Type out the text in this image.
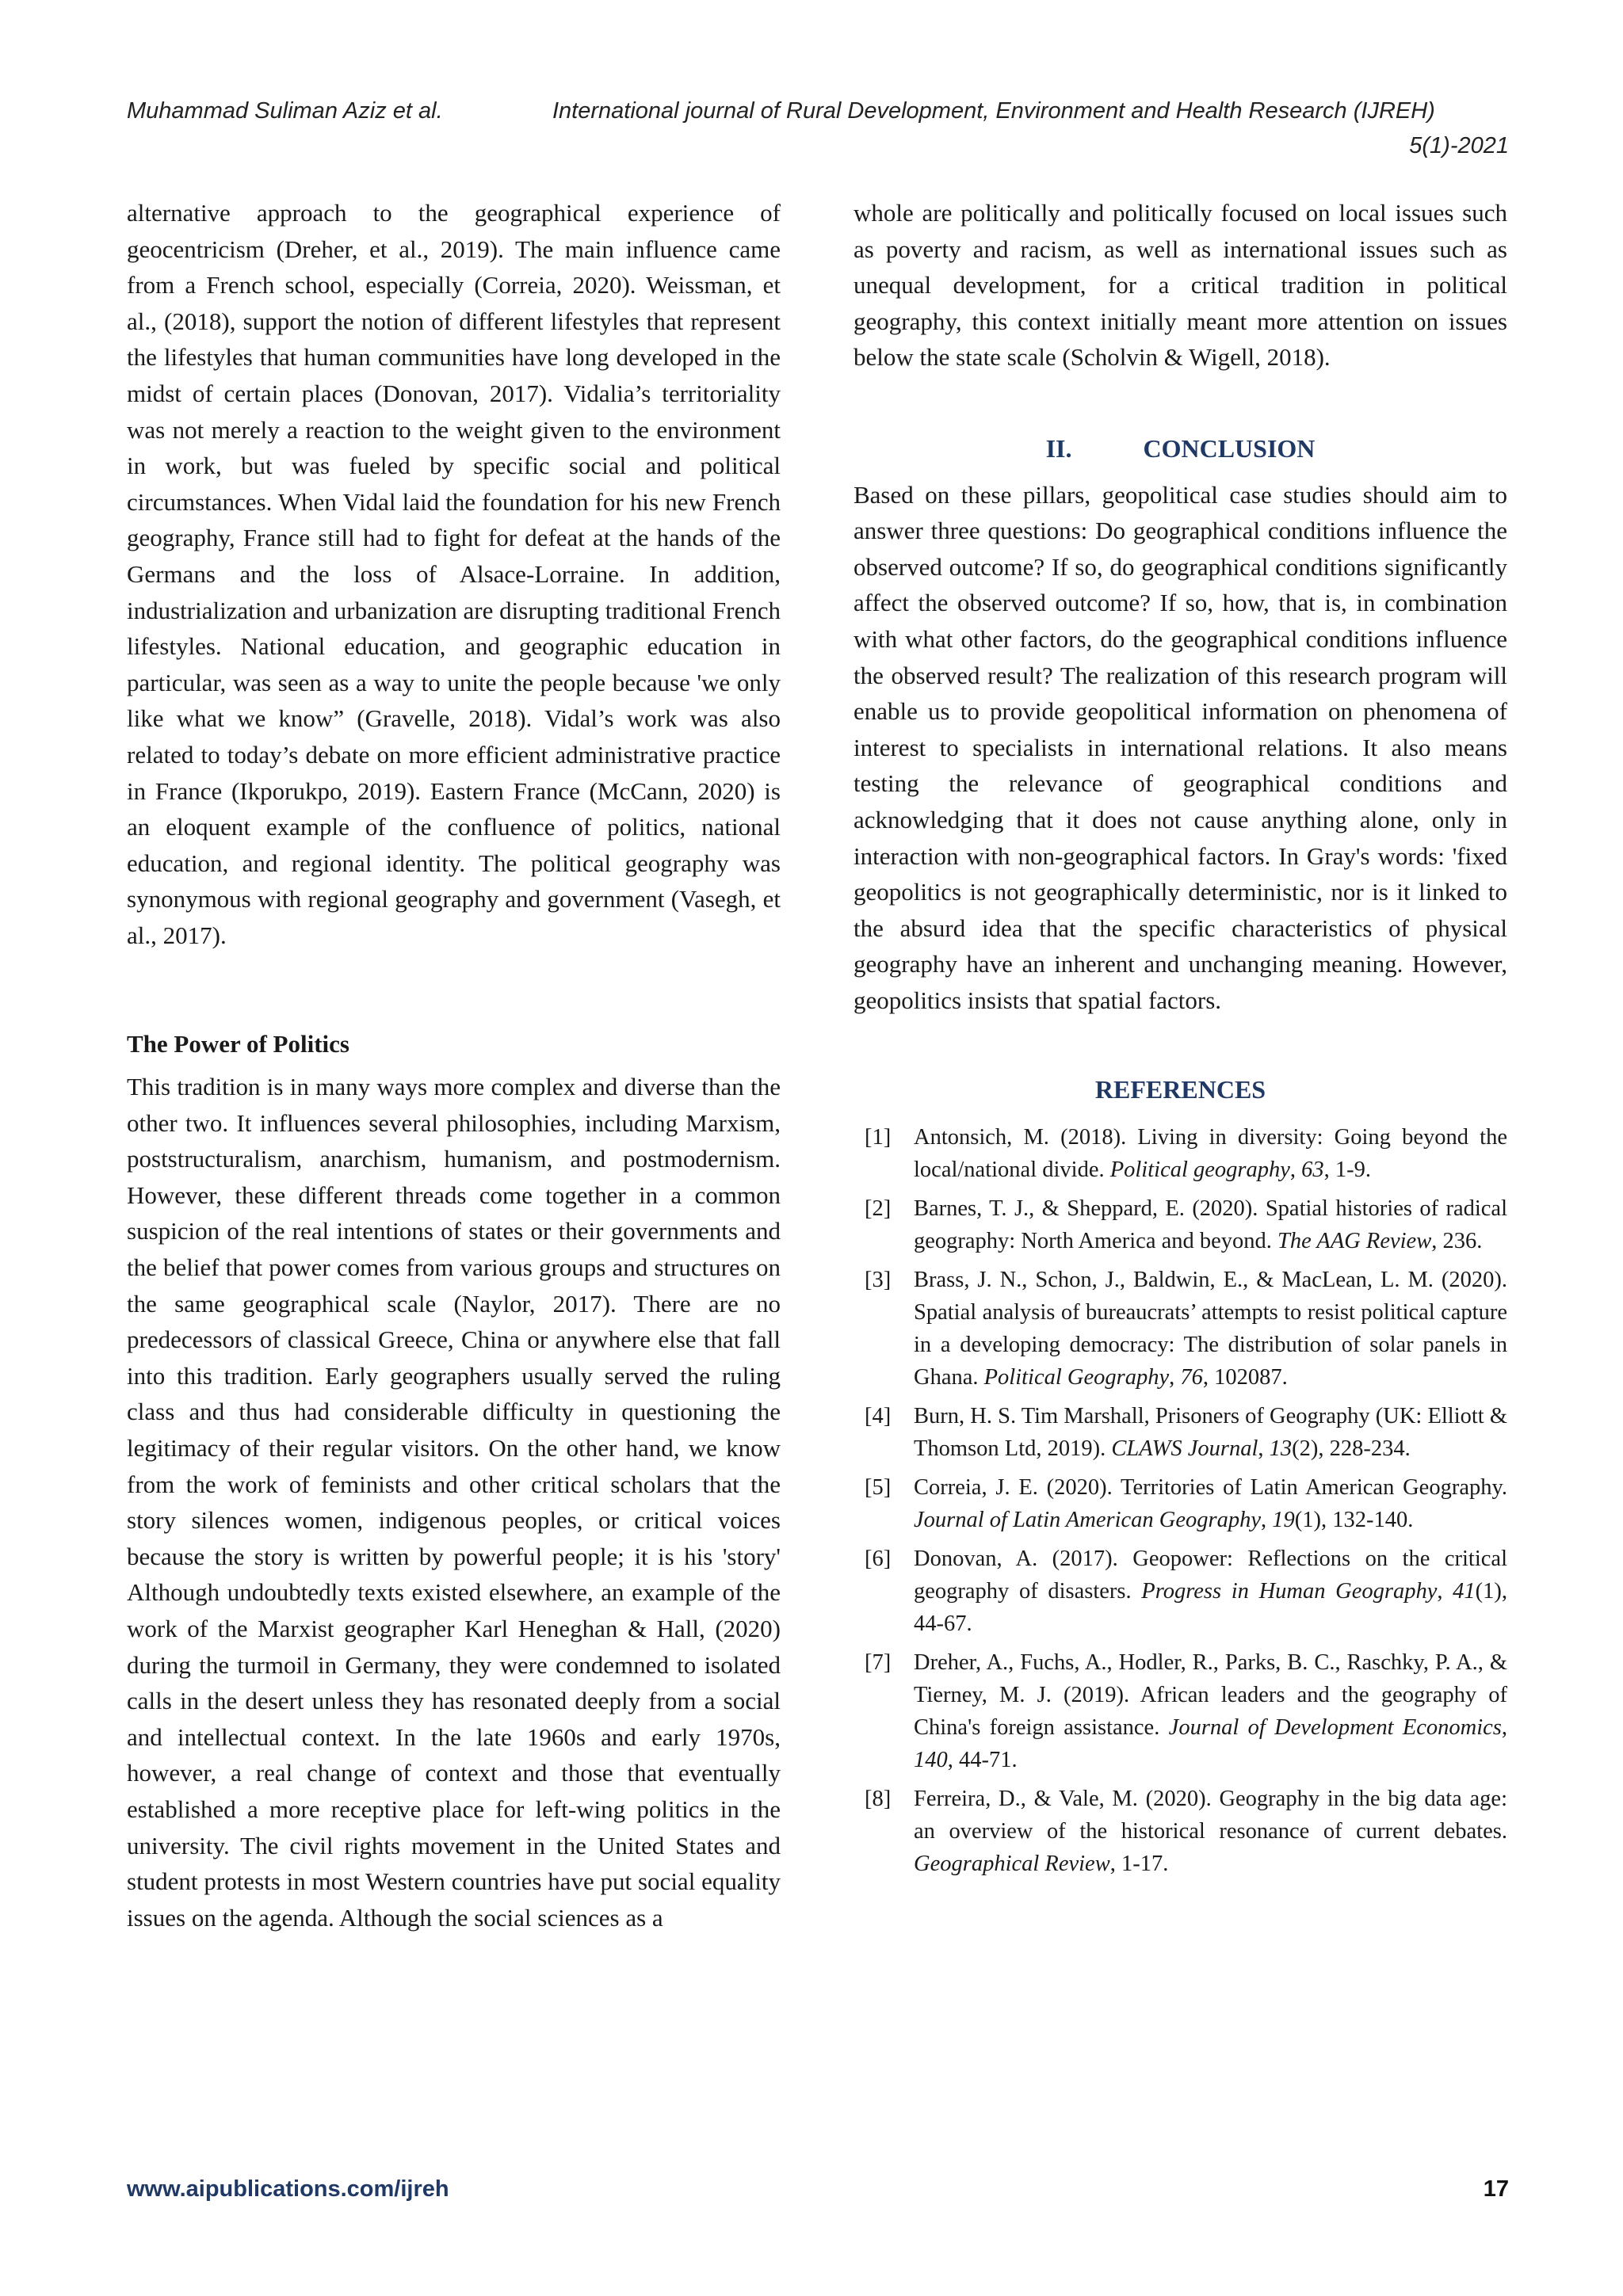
Muhammad Suliman Aziz et al.	International journal of Rural Development, Environment and Health Research (IJREH)
5(1)-2021

alternative approach to the geographical experience of geocentricism (Dreher, et al., 2019). The main influence came from a French school, especially (Correia, 2020). Weissman, et al., (2018), support the notion of different lifestyles that represent the lifestyles that human communities have long developed in the midst of certain places (Donovan, 2017). Vidalia’s territoriality was not merely a reaction to the weight given to the environment in work, but was fueled by specific social and political circumstances. When Vidal laid the foundation for his new French geography, France still had to fight for defeat at the hands of the Germans and the loss of Alsace-Lorraine. In addition, industrialization and urbanization are disrupting traditional French lifestyles. National education, and geographic education in particular, was seen as a way to unite the people because 'we only like what we know” (Gravelle, 2018). Vidal’s work was also related to today’s debate on more efficient administrative practice in France (Ikporukpo, 2019). Eastern France (McCann, 2020) is an eloquent example of the confluence of politics, national education, and regional identity. The political geography was synonymous with regional geography and government (Vasegh, et al., 2017).

The Power of Politics

This tradition is in many ways more complex and diverse than the other two. It influences several philosophies, including Marxism, poststructuralism, anarchism, humanism, and postmodernism. However, these different threads come together in a common suspicion of the real intentions of states or their governments and the belief that power comes from various groups and structures on the same geographical scale (Naylor, 2017). There are no predecessors of classical Greece, China or anywhere else that fall into this tradition. Early geographers usually served the ruling class and thus had considerable difficulty in questioning the legitimacy of their regular visitors. On the other hand, we know from the work of feminists and other critical scholars that the story silences women, indigenous peoples, or critical voices because the story is written by powerful people; it is his 'story' Although undoubtedly texts existed elsewhere, an example of the work of the Marxist geographer Karl Heneghan & Hall, (2020) during the turmoil in Germany, they were condemned to isolated calls in the desert unless they has resonated deeply from a social and intellectual context. In the late 1960s and early 1970s, however, a real change of context and those that eventually established a more receptive place for left-wing politics in the university. The civil rights movement in the United States and student protests in most Western countries have put social equality issues on the agenda. Although the social sciences as a

whole are politically and politically focused on local issues such as poverty and racism, as well as international issues such as unequal development, for a critical tradition in political geography, this context initially meant more attention on issues below the state scale (Scholvin & Wigell, 2018).

II.	CONCLUSION

Based on these pillars, geopolitical case studies should aim to answer three questions: Do geographical conditions influence the observed outcome? If so, do geographical conditions significantly affect the observed outcome? If so, how, that is, in combination with what other factors, do the geographical conditions influence the observed result? The realization of this research program will enable us to provide geopolitical information on phenomena of interest to specialists in international relations. It also means testing the relevance of geographical conditions and acknowledging that it does not cause anything alone, only in interaction with non-geographical factors. In Gray's words: 'fixed geopolitics is not geographically deterministic, nor is it linked to the absurd idea that the specific characteristics of physical geography have an inherent and unchanging meaning. However, geopolitics insists that spatial factors.

REFERENCES

[1] Antonsich, M. (2018). Living in diversity: Going beyond the local/national divide. Political geography, 63, 1-9.
[2] Barnes, T. J., & Sheppard, E. (2020). Spatial histories of radical geography: North America and beyond. The AAG Review, 236.
[3] Brass, J. N., Schon, J., Baldwin, E., & MacLean, L. M. (2020). Spatial analysis of bureaucrats’ attempts to resist political capture in a developing democracy: The distribution of solar panels in Ghana. Political Geography, 76, 102087.
[4] Burn, H. S. Tim Marshall, Prisoners of Geography (UK: Elliott & Thomson Ltd, 2019). CLAWS Journal, 13(2), 228-234.
[5] Correia, J. E. (2020). Territories of Latin American Geography. Journal of Latin American Geography, 19(1), 132-140.
[6] Donovan, A. (2017). Geopower: Reflections on the critical geography of disasters. Progress in Human Geography, 41(1), 44-67.
[7] Dreher, A., Fuchs, A., Hodler, R., Parks, B. C., Raschky, P. A., & Tierney, M. J. (2019). African leaders and the geography of China's foreign assistance. Journal of Development Economics, 140, 44-71.
[8] Ferreira, D., & Vale, M. (2020). Geography in the big data age: an overview of the historical resonance of current debates. Geographical Review, 1-17.
www.aipublications.com/ijreh	17
